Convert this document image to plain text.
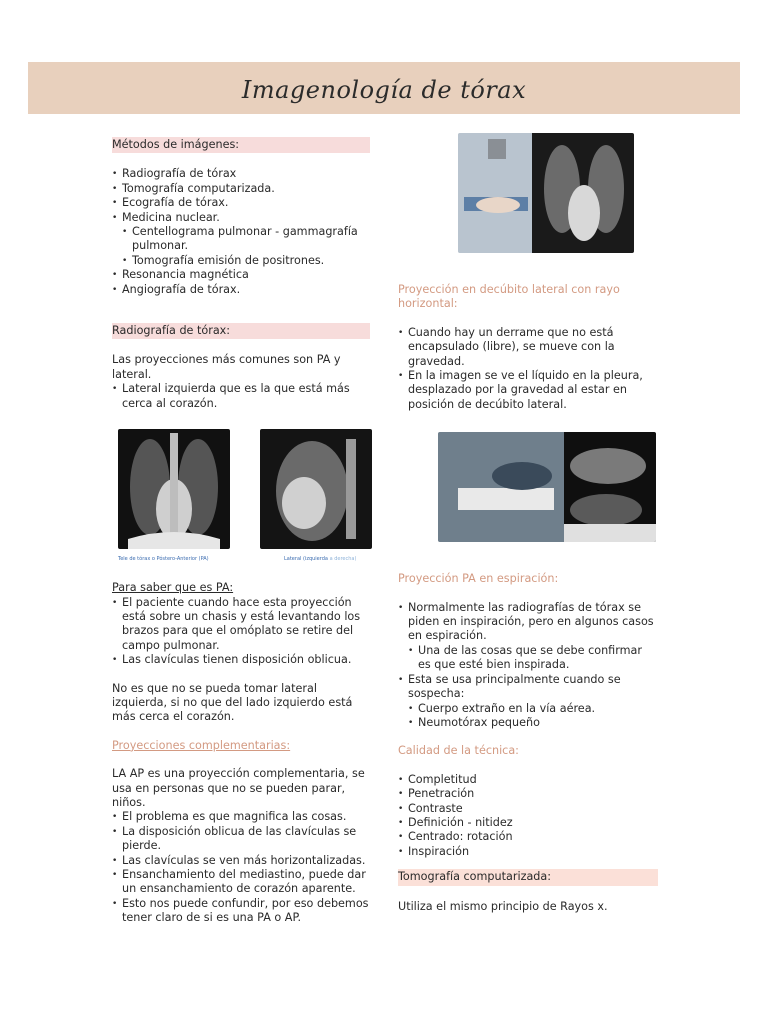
Imagenología de tórax
Métodos de imágenes:
• Radiografía de tórax
• Tomografía computarizada.
• Ecografía de tórax.
• Medicina nuclear.
• Centellograma pulmonar - gammagrafía pulmonar.
• Tomografía emisión de positrones.
• Resonancia magnética
• Angiografía de tórax.
Radiografía de tórax:

Las proyecciones más comunes son PA y lateral.

• Lateral izquierda que es la que está más cerca al corazón.
Tele de tórax o Póstero-Anterior (PA)	Lateral (izquierda a derecha)

Para saber que es PA:

• El paciente cuando hace esta proyección está sobre un chasis y está levantando los brazos para que el omóplato se retire del campo pulmonar.
• Las clavículas tienen disposición oblicua.

No es que no se pueda tomar lateral izquierda, si no que del lado izquierdo está más cerca el corazón.

Proyecciones complementarias:

LA AP es una proyección complementaria, se usa en personas que no se pueden parar, niños.

• El problema es que magnifica las cosas.
• La disposición oblicua de las clavículas se pierde.
• Las clavículas se ven más horizontalizadas.
• Ensanchamiento del mediastino, puede dar un ensanchamiento de corazón aparente.
• Esto nos puede confundir, por eso debemos tener claro de si es una PA o AP.

Proyección en decúbito lateral con rayo horizontal:

• Cuando hay un derrame que no está encapsulado (libre), se mueve con la gravedad.
• En la imagen se ve el líquido en la pleura, desplazado por la gravedad al estar en posición de decúbito lateral.

Proyección PA en espiración:

• Normalmente las radiografías de tórax se piden en inspiración, pero en algunos casos en espiración.
• Una de las cosas que se debe confirmar es que esté bien inspirada.
• Esta se usa principalmente cuando se sospecha:
• Cuerpo extraño en la vía aérea.
• Neumotórax pequeño

Calidad de la técnica:

• Completitud
• Penetración
• Contraste
• Definición - nitidez
• Centrado: rotación
• Inspiración
Tomografía computarizada:

Utiliza el mismo principio de Rayos x.
